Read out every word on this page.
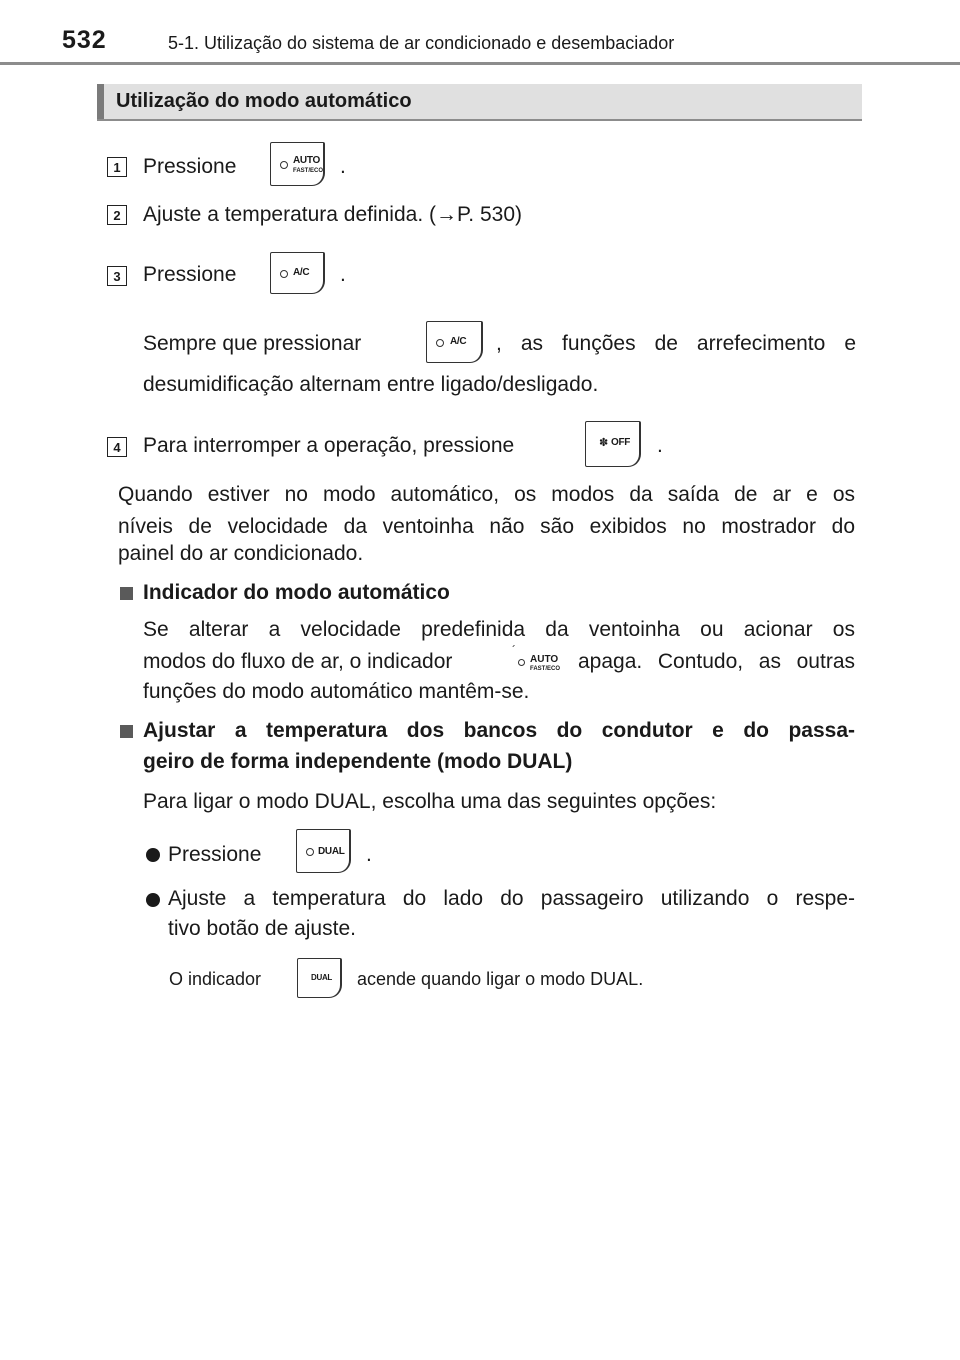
532	5-1. Utilização do sistema de ar condicionado e desembaciador
Utilização do modo automático
1	Pressione	AUTO
FAST/ECO .
2	Ajuste a temperatura definida. (→P. 530)
3	Pressione	A/C .
Sempre que pressionar	A/C , as funções de arrefecimento e
desumidificação alternam entre ligado/desligado.
4	Para interromper a operação, pressione	✽ OFF .
Quando estiver no modo automático, os modos da saída de ar e os
níveis de velocidade da ventoinha não são exibidos no mostrador do
painel do ar condicionado.
Indicador do modo automático
Se alterar a velocidade predefinida da ventoinha ou acionar os
modos do fluxo de ar, o indicador	´
AUTO
FAST/ECO apaga. Contudo, as outras
funções do modo automático mantêm-se.
Ajustar a temperatura dos bancos do condutor e do passa-
geiro de forma independente (modo DUAL)
Para ligar o modo DUAL, escolha uma das seguintes opções:
Pressione	DUAL .
Ajuste a temperatura do lado do passageiro utilizando o respe-
tivo botão de ajuste.
O indicador	DUAL acende quando ligar o modo DUAL.
